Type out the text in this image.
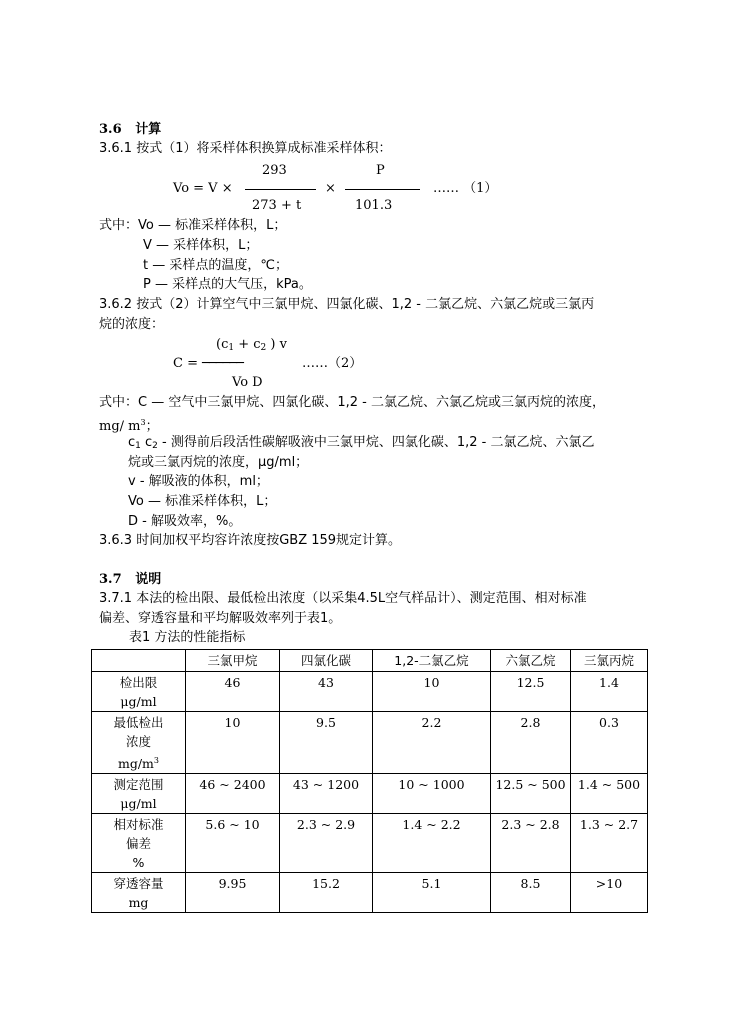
3.6 计算
3.6.1 按式（1）将采样体积换算成标准采样体积：
293	P
Vo = V ×	×	…… （1）
273 + t	101.3
式中：Vo — 标准采样体积，L；
V — 采样体积，L；
t — 采样点的温度，℃；
P — 采样点的大气压，kPa。
3.6.2 按式（2）计算空气中三氯甲烷、四氯化碳、1,2 - 二氯乙烷、六氯乙烷或三氯丙
烷的浓度：
($c_1 + c_2$ ) v
C = ──────	……（2）
Vo D
式中：C — 空气中三氯甲烷、四氯化碳、1,2 - 二氯乙烷、六氯乙烷或三氯丙烷的浓度，
mg/ $m^3$；
$c_1$ $c_2$ - 测得前后段活性碳解吸液中三氯甲烷、四氯化碳、1,2 - 二氯乙烷、六氯乙
烷或三氯丙烷的浓度，μg/ml；
v - 解吸液的体积，ml；
Vo — 标准采样体积，L；
D - 解吸效率，%。
3.6.3 时间加权平均容许浓度按GBZ 159规定计算。
3.7 说明
3.7.1 本法的检出限、最低检出浓度（以采集4.5L空气样品计）、测定范围、相对标准
偏差、穿透容量和平均解吸效率列于表1。
表1 方法的性能指标
	三氯甲烷	四氯化碳	1,2-二氯乙烷	六氯乙烷	三氯丙烷

检出限
μg/ml	46	43	10	12.5	1.4

最低检出
浓度
$mg/m^3$	10	9.5	2.2	2.8	0.3

测定范围
μg/ml	46 ~ 2400	43 ~ 1200	10 ~ 1000	12.5 ~ 500	1.4 ~ 500

相对标准
偏差
%	5.6 ~ 10	2.3 ~ 2.9	1.4 ~ 2.2	2.3 ~ 2.8	1.3 ~ 2.7

穿透容量
mg	9.95	15.2	5.1	8.5	>10
